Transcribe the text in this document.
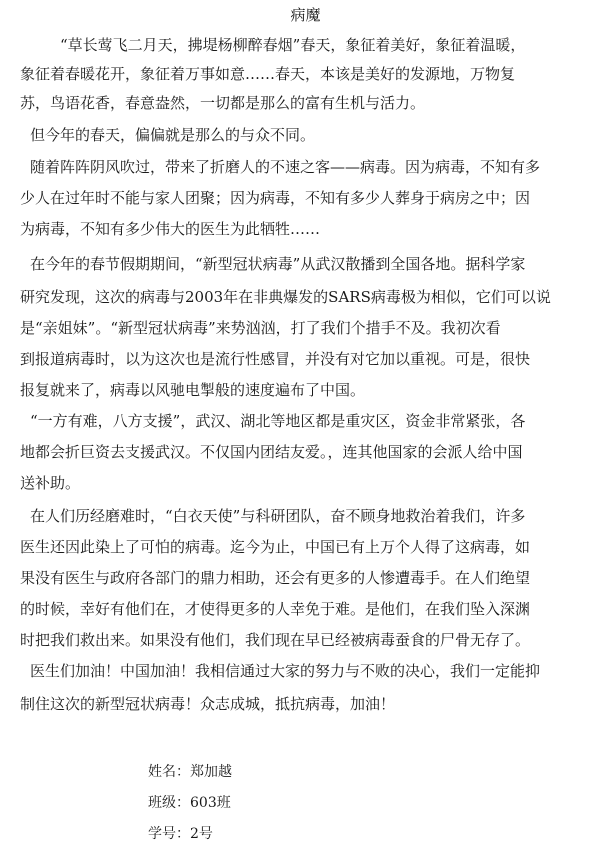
病魔
“草长莺飞二月天，拂堤杨柳醉春烟”春天，象征着美好，象征着温暖，
象征着春暖花开，象征着万事如意……春天，本该是美好的发源地，万物复
苏，鸟语花香，春意盎然，一切都是那么的富有生机与活力。
但今年的春天，偏偏就是那么的与众不同。
随着阵阵阴风吹过，带来了折磨人的不速之客——病毒。因为病毒，不知有多
少人在过年时不能与家人团聚；因为病毒，不知有多少人葬身于病房之中；因
为病毒，不知有多少伟大的医生为此牺牲……
在今年的春节假期期间，“新型冠状病毒”从武汉散播到全国各地。据科学家
研究发现，这次的病毒与2003年在非典爆发的SARS病毒极为相似，它们可以说
是“亲姐妹”。“新型冠状病毒”来势汹汹，打了我们个措手不及。我初次看
到报道病毒时，以为这次也是流行性感冒，并没有对它加以重视。可是，很快
报复就来了，病毒以风驰电掣般的速度遍布了中国。
“一方有难，八方支援”，武汉、湖北等地区都是重灾区，资金非常紧张，各
地都会折巨资去支援武汉。不仅国内团结友爱。，连其他国家的会派人给中国
送补助。
在人们历经磨难时，“白衣天使”与科研团队，奋不顾身地救治着我们，许多
医生还因此染上了可怕的病毒。迄今为止，中国已有上万个人得了这病毒，如
果没有医生与政府各部门的鼎力相助，还会有更多的人惨遭毒手。在人们绝望
的时候，幸好有他们在，才使得更多的人幸免于难。是他们，在我们坠入深渊
时把我们救出来。如果没有他们，我们现在早已经被病毒蚕食的尸骨无存了。
医生们加油！中国加油！我相信通过大家的努力与不败的决心，我们一定能抑
制住这次的新型冠状病毒！众志成城，抵抗病毒，加油！
姓名：郑加越
班级：603班
学号：2号
